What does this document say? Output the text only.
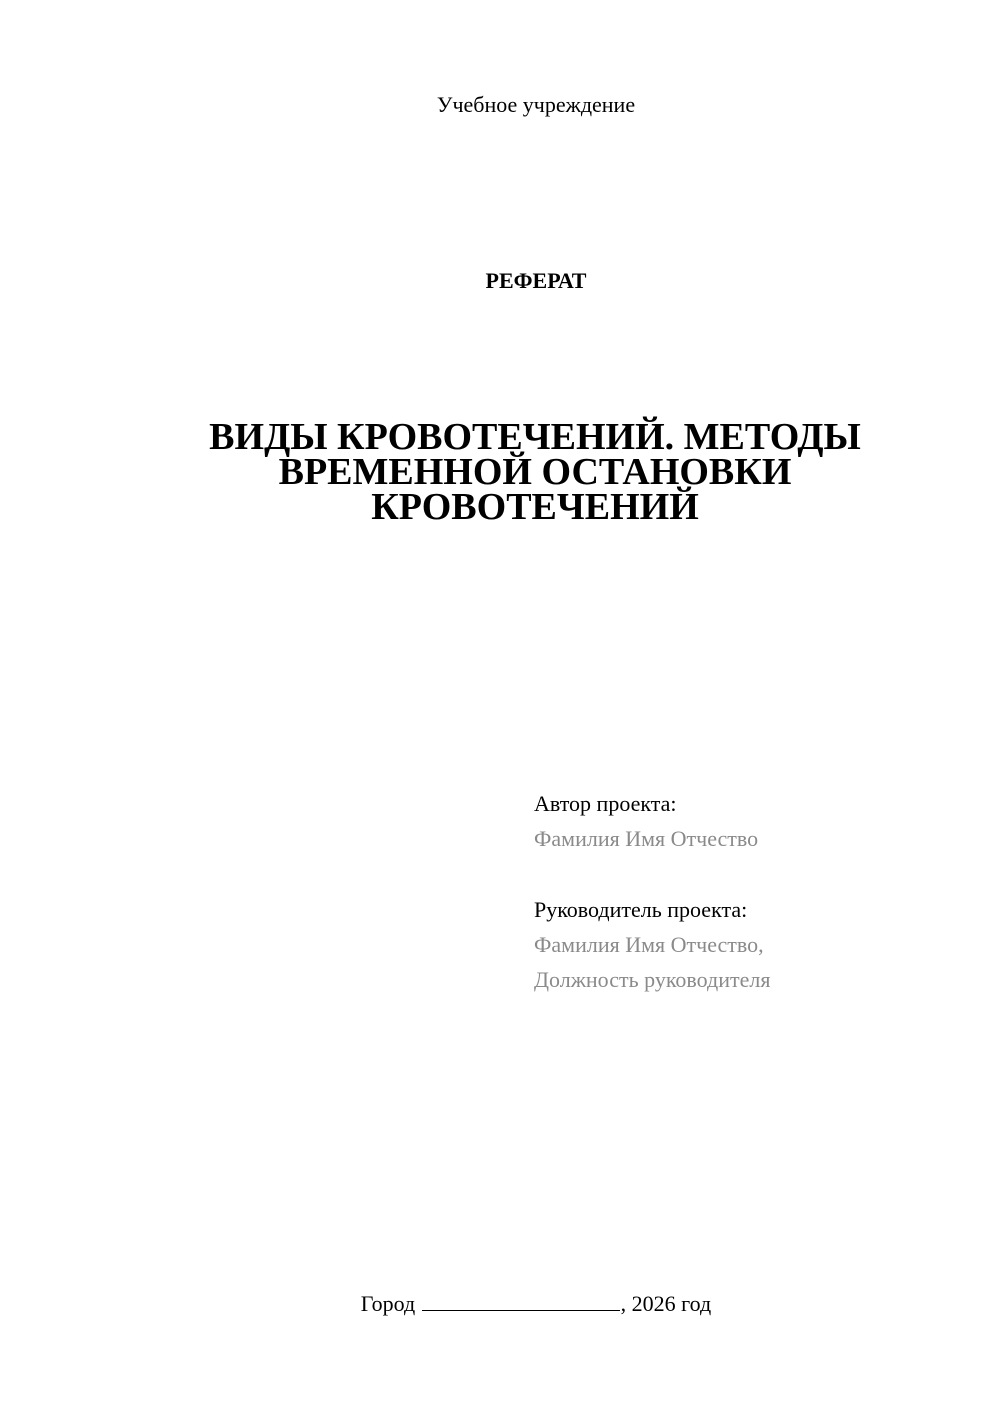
Учебное учреждение
РЕФЕРАТ
ВИДЫ КРОВОТЕЧЕНИЙ. МЕТОДЫ
ВРЕМЕННОЙ ОСТАНОВКИ
КРОВОТЕЧЕНИЙ
Автор проекта:
Фамилия Имя Отчество
Руководитель проекта:
Фамилия Имя Отчество,
Должность руководителя
Город	, 2026 год
